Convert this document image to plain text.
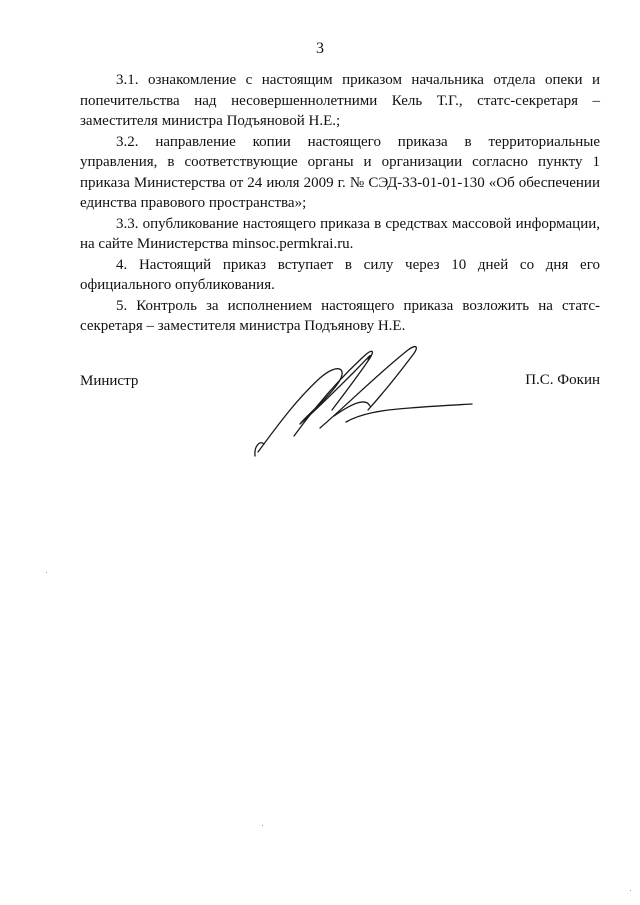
3

3.1. ознакомление с настоящим приказом начальника отдела опеки и попечительства над несовершеннолетними Кель Т.Г., статс-секретаря – заместителя министра Подъяновой Н.Е.;

3.2. направление копии настоящего приказа в территориальные управления, в соответствующие органы и организации согласно пункту 1 приказа Министерства от 24 июля 2009 г. № СЭД-33-01-01-130 «Об обеспечении единства правового пространства»;

3.3. опубликование настоящего приказа в средствах массовой информации, на сайте Министерства minsoc.permkrai.ru.

4. Настоящий приказ вступает в силу через 10 дней со дня его официального опубликования.

5. Контроль за исполнением настоящего приказа возложить на статс-секретаря – заместителя министра Подъянову Н.Е.

Министр	П.С. Фокин
